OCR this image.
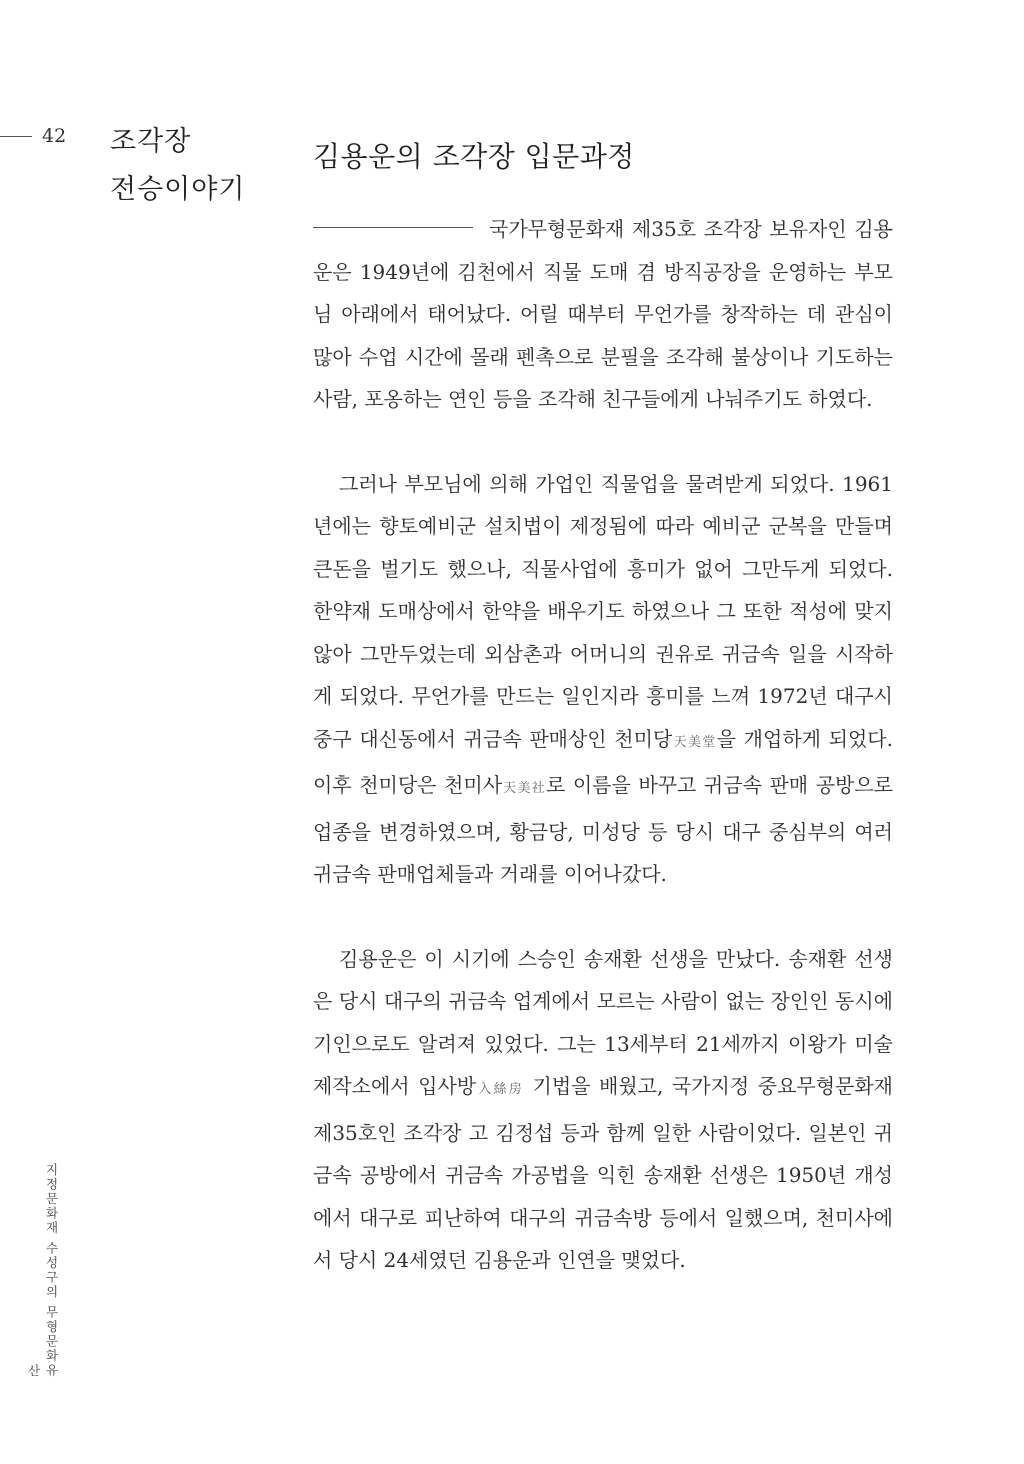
42 조각장
전승이야기
김용운의 조각장 입문과정

국가무형문화재 제35호 조각장 보유자인 김용운은 1949년에 김천에서 직물 도매 겸 방직공장을 운영하는 부모님 아래에서 태어났다. 어릴 때부터 무언가를 창작하는 데 관심이 많아 수업 시간에 몰래 펜촉으로 분필을 조각해 불상이나 기도하는 사람, 포옹하는 연인 등을 조각해 친구들에게 나눠주기도 하였다.

그러나 부모님에 의해 가업인 직물업을 물려받게 되었다. 1961년에는 향토예비군 설치법이 제정됨에 따라 예비군 군복을 만들며 큰돈을 벌기도 했으나, 직물사업에 흥미가 없어 그만두게 되었다. 한약재 도매상에서 한약을 배우기도 하였으나 그 또한 적성에 맞지 않아 그만두었는데 외삼촌과 어머니의 권유로 귀금속 일을 시작하게 되었다. 무언가를 만드는 일인지라 흥미를 느껴 1972년 대구시 중구 대신동에서 귀금속 판매상인 천미당天美堂을 개업하게 되었다. 이후 천미당은 천미사天美社로 이름을 바꾸고 귀금속 판매 공방으로 업종을 변경하였으며, 황금당, 미성당 등 당시 대구 중심부의 여러 귀금속 판매업체들과 거래를 이어나갔다.

김용운은 이 시기에 스승인 송재환 선생을 만났다. 송재환 선생은 당시 대구의 귀금속 업계에서 모르는 사람이 없는 장인인 동시에 기인으로도 알려져 있었다. 그는 13세부터 21세까지 이왕가 미술제작소에서 입사방入絲房 기법을 배웠고, 국가지정 중요무형문화재 제35호인 조각장 고 김정섭 등과 함께 일한 사람이었다. 일본인 귀금속 공방에서 귀금속 가공법을 익힌 송재환 선생은 1950년 개성에서 대구로 피난하여 대구의 귀금속방 등에서 일했으며, 천미사에서 당시 24세였던 김용운과 인연을 맺었다.

지정문화재 수성구의 무형문화유산
